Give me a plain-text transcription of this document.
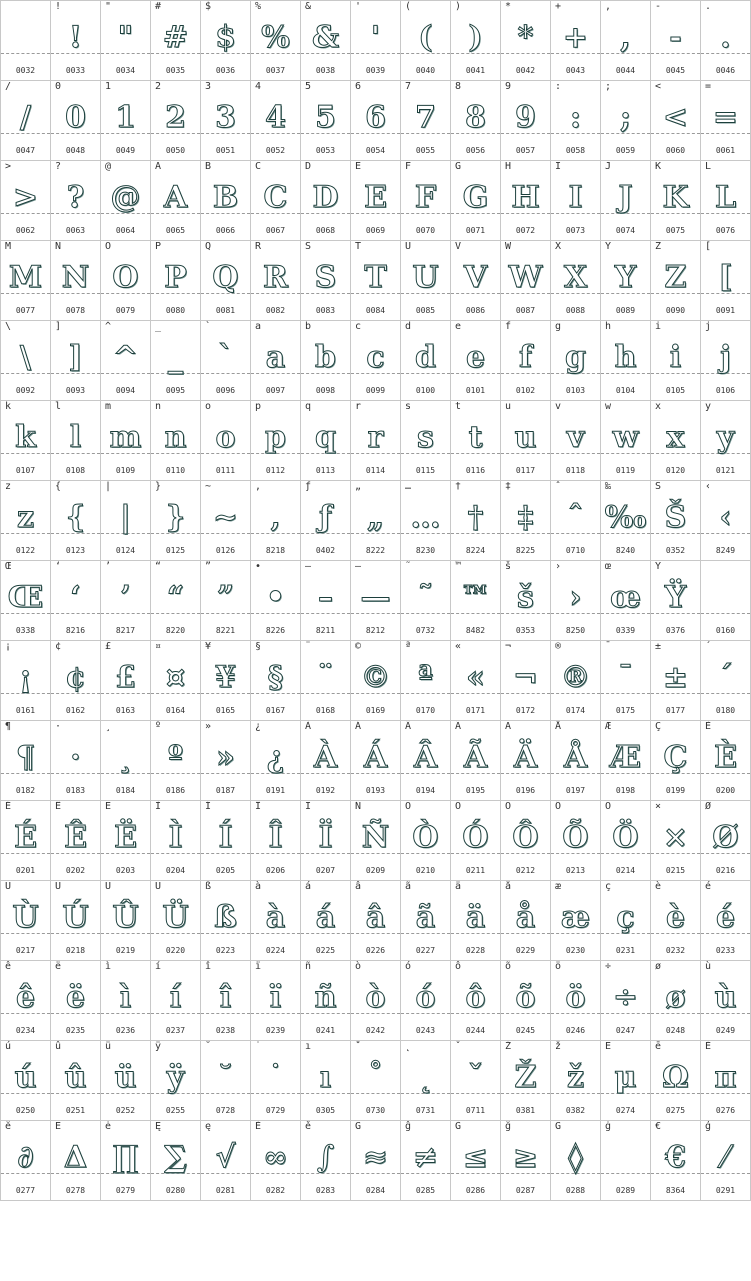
0032
!
!
0033
"
"
0034
#
#
0035
$
$
0036
%
%
0037
&
&
0038
'
'
0039
(
(
0040
)
)
0041
*
*
0042
+
+
0043
,
,
0044
-
-
0045
.
.
0046
/
/
0047
0
0
0048
1
1
0049
2
2
0050
3
3
0051
4
4
0052
5
5
0053
6
6
0054
7
7
0055
8
8
0056
9
9
0057
:
:
0058
;
;
0059
<
<
0060
=
=
0061
>
>
0062
?
?
0063
@
@
0064
A
A
0065
B
B
0066
C
C
0067
D
D
0068
E
E
0069
F
F
0070
G
G
0071
H
H
0072
I
I
0073
J
J
0074
K
K
0075
L
L
0076
M
M
0077
N
N
0078
O
O
0079
P
P
0080
Q
Q
0081
R
R
0082
S
S
0083
T
T
0084
U
U
0085
V
V
0086
W
W
0087
X
X
0088
Y
Y
0089
Z
Z
0090
[
[
0091
\
\
0092
]
]
0093
^
^
0094
_
_
0095
`
`
0096
a
a
0097
b
b
0098
c
c
0099
d
d
0100
e
e
0101
f
f
0102
g
g
0103
h
h
0104
i
i
0105
j
j
0106
k
k
0107
l
l
0108
m
m
0109
n
n
0110
o
o
0111
p
p
0112
q
q
0113
r
r
0114
s
s
0115
t
t
0116
u
u
0117
v
v
0118
w
w
0119
x
x
0120
y
y
0121
z
z
0122
{
{
0123
|
|
0124
}
}
0125
~
~
0126
‚
‚
8218
ƒ
ƒ
0402
„
„
8222
…
…
8230
†
†
8224
‡
‡
8225
ˆ
ˆ
0710
‰
‰
8240
Š
Š
0352
‹
‹
8249
Œ
Œ
0338
‘
‘
8216
’
’
8217
“
“
8220
”
”
8221
•
•
8226
–
–
8211
—
—
8212
˜
˜
0732
™
™
8482
š
š
0353
›
›
8250
œ
œ
0339
Ÿ
Ÿ
0376	0160
¡
¡
0161
¢
¢
0162
£
£
0163
¤
¤
0164
¥
¥
0165
§
§
0167
¨
¨
0168
©
©
0169
ª
ª
0170
«
«
0171
¬
¬
0172
®
®
0174
¯
¯
0175
±
±
0177
´
´
0180
¶
¶
0182
·
·
0183
¸
¸
0184
º
º
0186
»
»
0187
¿
¿
0191
À
À
0192
Á
Á
0193
Â
Â
0194
Ã
Ã
0195
Ä
Ä
0196
Å
Å
0197
Æ
Æ
0198
Ç
Ç
0199
È
È
0200
É
É
0201
Ê
Ê
0202
Ë
Ë
0203
Ì
Ì
0204
Í
Í
0205
Î
Î
0206
Ï
Ï
0207
Ñ
Ñ
0209
Ò
Ò
0210
Ó
Ó
0211
Ô
Ô
0212
Õ
Õ
0213
Ö
Ö
0214
×
×
0215
Ø
Ø
0216
Ù
Ù
0217
Ú
Ú
0218
Û
Û
0219
Ü
Ü
0220
ß
ß
0223
à
à
0224
á
á
0225
â
â
0226
ã
ã
0227
ä
ä
0228
å
å
0229
æ
æ
0230
ç
ç
0231
è
è
0232
é
é
0233
ê
ê
0234
ë
ë
0235
ì
ì
0236
í
í
0237
î
î
0238
ï
ï
0239
ñ
ñ
0241
ò
ò
0242
ó
ó
0243
ô
ô
0244
õ
õ
0245
ö
ö
0246
÷
÷
0247
ø
ø
0248
ù
ù
0249
ú
ú
0250
û
û
0251
ü
ü
0252
ÿ
ÿ
0255
˘
˘
0728
˙
˙
0729
ı
ı
0305
˚
˚
0730
˛
˛
0731
ˇ
ˇ
0711
Ž
Ž
0381
ž
ž
0382
Ē
μ
0274
ē
Ω
0275
Ĕ
π
0276
ĕ
∂
0277
Ė
Δ
0278
ė
∏
0279
Ę
∑
0280
ę
√
0281
Ě
∞
0282
ě
∫
0283
Ĝ
≈
0284
ĝ
≠
0285
Ğ
≤
0286
ğ
≥
0287
Ġ
◊
0288
ġ
0289
€
€
8364
ģ
⁄
0291
